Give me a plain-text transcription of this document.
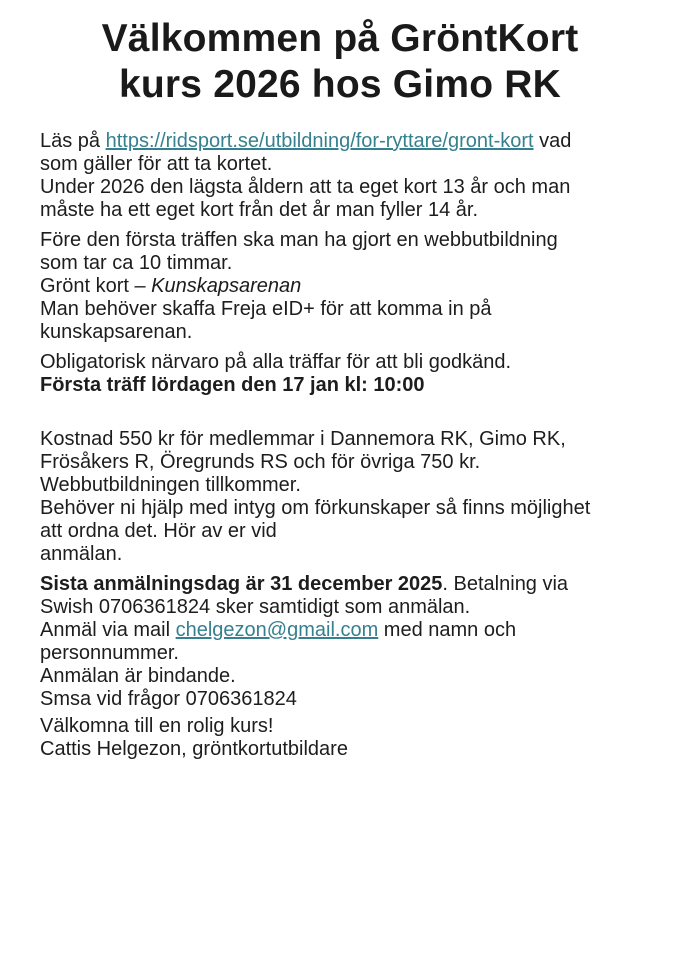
Välkommen på GröntKort
kurs 2026 hos Gimo RK

Läs på https://ridsport.se/utbildning/for-ryttare/gront-kort vad
som gäller för att ta kortet.
Under 2026 den lägsta åldern att ta eget kort 13 år och man
måste ha ett eget kort från det år man fyller 14 år.

Före den första träffen ska man ha gjort en webbutbildning
som tar ca 10 timmar.
Grönt kort – Kunskapsarenan
Man behöver skaffa Freja eID+ för att komma in på
kunskapsarenan.

Obligatorisk närvaro på alla träffar för att bli godkänd.
Första träff lördagen den 17 jan kl: 10:00

Kostnad 550 kr för medlemmar i Dannemora RK, Gimo RK,
Frösåkers R, Öregrunds RS och för övriga 750 kr.
Webbutbildningen tillkommer.
Behöver ni hjälp med intyg om förkunskaper så finns möjlighet
att ordna det. Hör av er vid
anmälan.

Sista anmälningsdag är 31 december 2025. Betalning via
Swish 0706361824 sker samtidigt som anmälan.
Anmäl via mail chelgezon@gmail.com med namn och
personnummer.
Anmälan är bindande.
Smsa vid frågor 0706361824

Välkomna till en rolig kurs!
Cattis Helgezon, gröntkortutbildare
